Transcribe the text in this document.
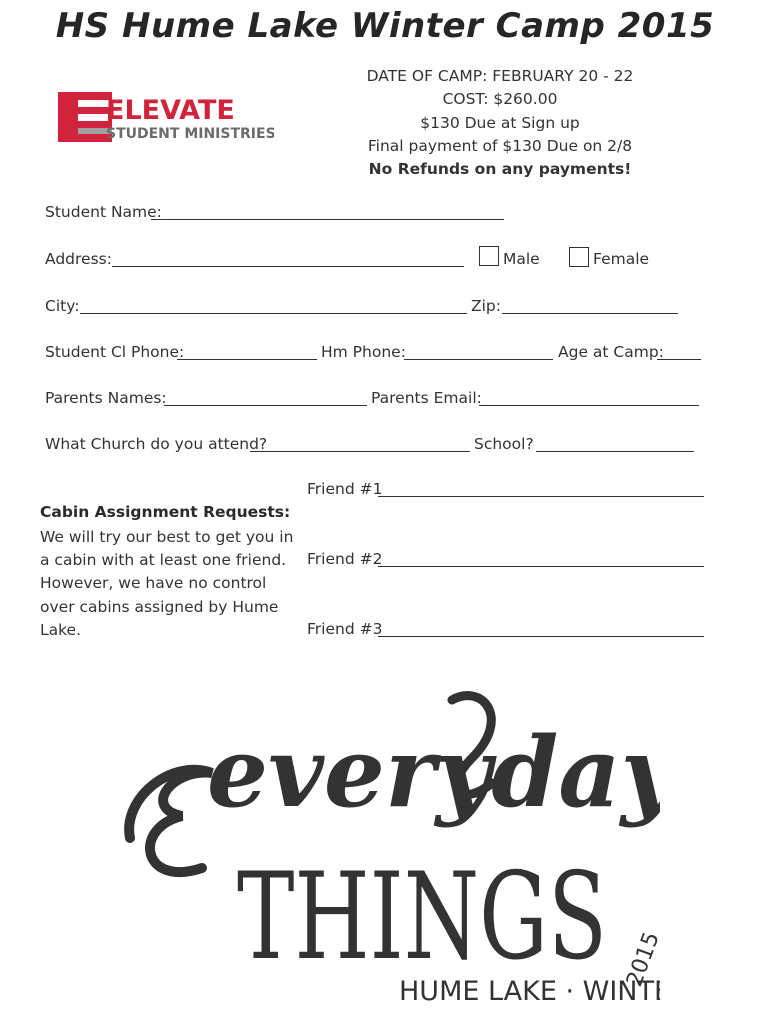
HS Hume Lake Winter Camp 2015
ELEVATE
STUDENT MINISTRIES
DATE OF CAMP: FEBRUARY 20 - 22
COST: $260.00
$130 Due at Sign up
Final payment of $130 Due on 2/8
No Refunds on any payments!
Student Name:
Address:	Male	Female
City:	Zip:
Student Cl Phone:	Hm Phone:	Age at Camp:
Parents Names:	Parents Email:
What Church do you attend?	School?
Cabin Assignment Requests:
We will try our best to get you in a cabin with at least one friend. However, we have no control over cabins assigned by Hume Lake.
Friend #1
Friend #2
Friend #3
everyday
THINGS
HUME LAKE · WINT
2015
